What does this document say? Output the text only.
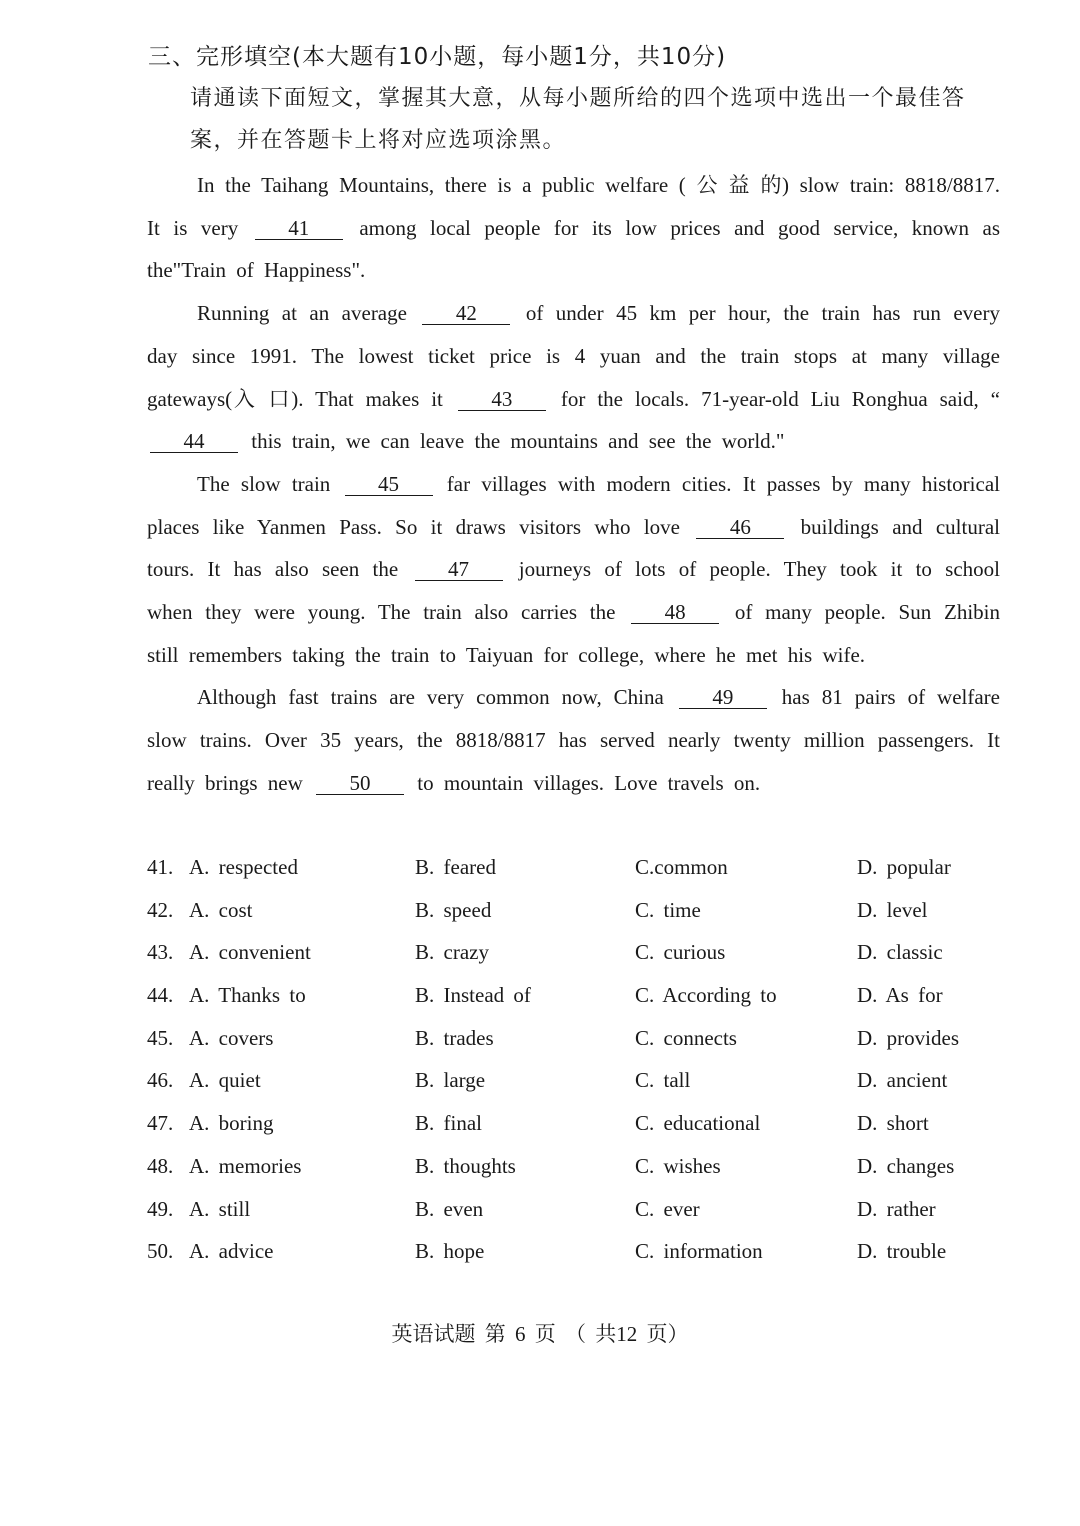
三、完形填空(本大题有10小题，每小题1分，共10分)

请通读下面短文，掌握其大意，从每小题所给的四个选项中选出一个最佳答案，并在答题卡上将对应选项涂黑。

In the Taihang Mountains, there is a public welfare ( 公 益 的) slow train: 8818/8817. It is very 41 among local people for its low prices and good service, known as the"Train of Happiness".

Running at an average 42 of under 45 km per hour, the train has run every day since 1991. The lowest ticket price is 4 yuan and the train stops at many village gateways(入 口). That makes it 43 for the locals. 71-year-old Liu Ronghua said, “44 this train, we can leave the mountains and see the world."

The slow train 45 far villages with modern cities. It passes by many historical places like Yanmen Pass. So it draws visitors who love 46 buildings and cultural tours. It has also seen the 47 journeys of lots of people. They took it to school when they were young. The train also carries the 48 of many people. Sun Zhibin still remembers taking the train to Taiyuan for college, where he met his wife.

Although fast trains are very common now, China 49 has 81 pairs of welfare slow trains. Over 35 years, the 8818/8817 has served nearly twenty million passengers. It really brings new 50 to mountain villages. Love travels on.

41. A. respected	B. feared	C.common	D. popular
42. A. cost	B. speed	C. time	D. level
43. A. convenient	B. crazy	C. curious	D. classic
44. A. Thanks to	B. Instead of	C. According to	D. As for
45. A. covers	B. trades	C. connects	D. provides
46. A. quiet	B. large	C. tall	D. ancient
47. A. boring	B. final	C. educational	D. short
48. A. memories	B. thoughts	C. wishes	D. changes
49. A. still	B. even	C. ever	D. rather
50. A. advice	B. hope	C. information	D. trouble
英语试题 第 6 页 （ 共12 页）
